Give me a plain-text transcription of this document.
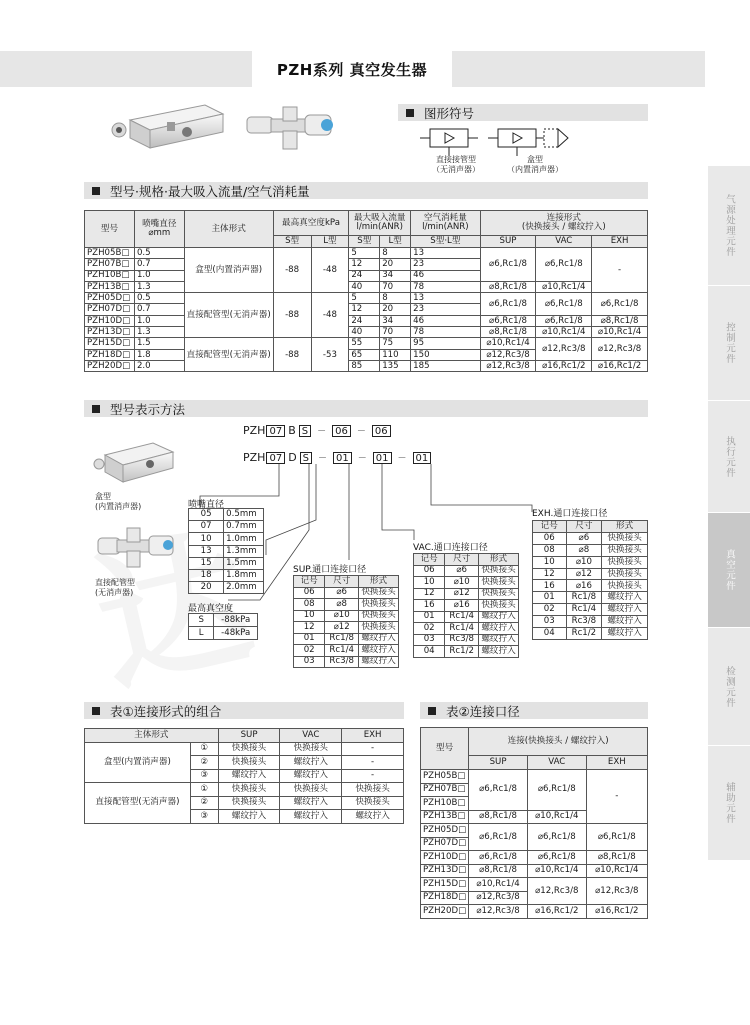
PZH系列 真空发生器
图形符号
直接接管型
（无消声器）
盒型
（内置消声器）
型号·规格·最大吸入流量/空气消耗量
型号	喷嘴直径
⌀mm	主体形式	最高真空度kPa		最大吸入流量
l/min(ANR)		空气消耗量
l/min(ANR)	连接形式
(快换接头 / 螺纹拧入)		
			S型	L型	S型	L型	S型·L型	SUP	VAC	EXH
PZH05B□	0.5	盒型(内置消声器)	-88	-48	5	8	13	⌀6,Rc1/8	⌀6,Rc1/8	-
PZH07B□	0.7				12	20	23			
PZH10B□	1.0				24	34	46			
PZH13B□	1.3				40	70	78	⌀8,Rc1/8	⌀10,Rc1/4	
PZH05D□	0.5	直接配管型(无消声器)	-88	-48	5	8	13	⌀6,Rc1/8	⌀6,Rc1/8	⌀6,Rc1/8
PZH07D□	0.7				12	20	23			
PZH10D□	1.0				24	34	46	⌀6,Rc1/8	⌀6,Rc1/8	⌀8,Rc1/8
PZH13D□	1.3				40	70	78	⌀8,Rc1/8	⌀10,Rc1/4	⌀10,Rc1/4
PZH15D□	1.5	直接配管型(无消声器)	-88	-53	55	75	95	⌀10,Rc1/4	⌀12,Rc3/8	⌀12,Rc3/8
PZH18D□	1.8				65	110	150	⌀12,Rc3/8		
PZH20D□	2.0				85	135	185	⌀12,Rc3/8	⌀16,Rc1/2	⌀16,Rc1/2
型号表示方法
PZH 07 B S	－ 06	－ 06
PZH 07 D S	－ 01	－ 01	－ 01
盒型
(内置消声器)
直接配管型
(无消声器)
喷嘴直径
05	0.5mm
07	0.7mm
10	1.0mm
13	1.3mm
15	1.5mm
18	1.8mm
20	2.0mm
最高真空度
S	-88kPa
L	-48kPa
SUP.通口连接口径
记号	尺寸	形式
06	⌀6	快换接头
08	⌀8	快换接头
10	⌀10	快换接头
12	⌀12	快换接头
01	Rc1/8	螺纹拧入
02	Rc1/4	螺纹拧入
03	Rc3/8	螺纹拧入
VAC.通口连接口径
记号	尺寸	形式
06	⌀6	快换接头
10	⌀10	快换接头
12	⌀12	快换接头
16	⌀16	快换接头
01	Rc1/4	螺纹拧入
02	Rc1/4	螺纹拧入
03	Rc3/8	螺纹拧入
04	Rc1/2	螺纹拧入
EXH.通口连接口径
记号	尺寸	形式
06	⌀6	快换接头
08	⌀8	快换接头
10	⌀10	快换接头
12	⌀12	快换接头
16	⌀16	快换接头
01	Rc1/8	螺纹拧入
02	Rc1/4	螺纹拧入
03	Rc3/8	螺纹拧入
04	Rc1/2	螺纹拧入
表①连接形式的组合
主体形式		SUP	VAC	EXH
盒型(内置消声器)	①	快换接头	快换接头	-
	②	快换接头	螺纹拧入	-
	③	螺纹拧入	螺纹拧入	-
直接配管型(无消声器)	①	快换接头	快换接头	快换接头
	②	快换接头	螺纹拧入	快换接头
	③	螺纹拧入	螺纹拧入	螺纹拧入
表②连接口径
型号	连接(快换接头 / 螺纹拧入)		
	SUP	VAC	EXH
PZH05B□	⌀6,Rc1/8	⌀6,Rc1/8	-
PZH07B□			
PZH10B□			
PZH13B□	⌀8,Rc1/8	⌀10,Rc1/4	
PZH05D□	⌀6,Rc1/8	⌀6,Rc1/8	⌀6,Rc1/8
PZH07D□			
PZH10D□	⌀6,Rc1/8	⌀6,Rc1/8	⌀8,Rc1/8
PZH13D□	⌀8,Rc1/8	⌀10,Rc1/4	⌀10,Rc1/4
PZH15D□	⌀10,Rc1/4	⌀12,Rc3/8	⌀12,Rc3/8
PZH18D□	⌀12,Rc3/8		
PZH20D□	⌀12,Rc3/8	⌀16,Rc1/2	⌀16,Rc1/2
气源处理元件
控制元件
执行元件
真空元件
检测元件
辅助元件
